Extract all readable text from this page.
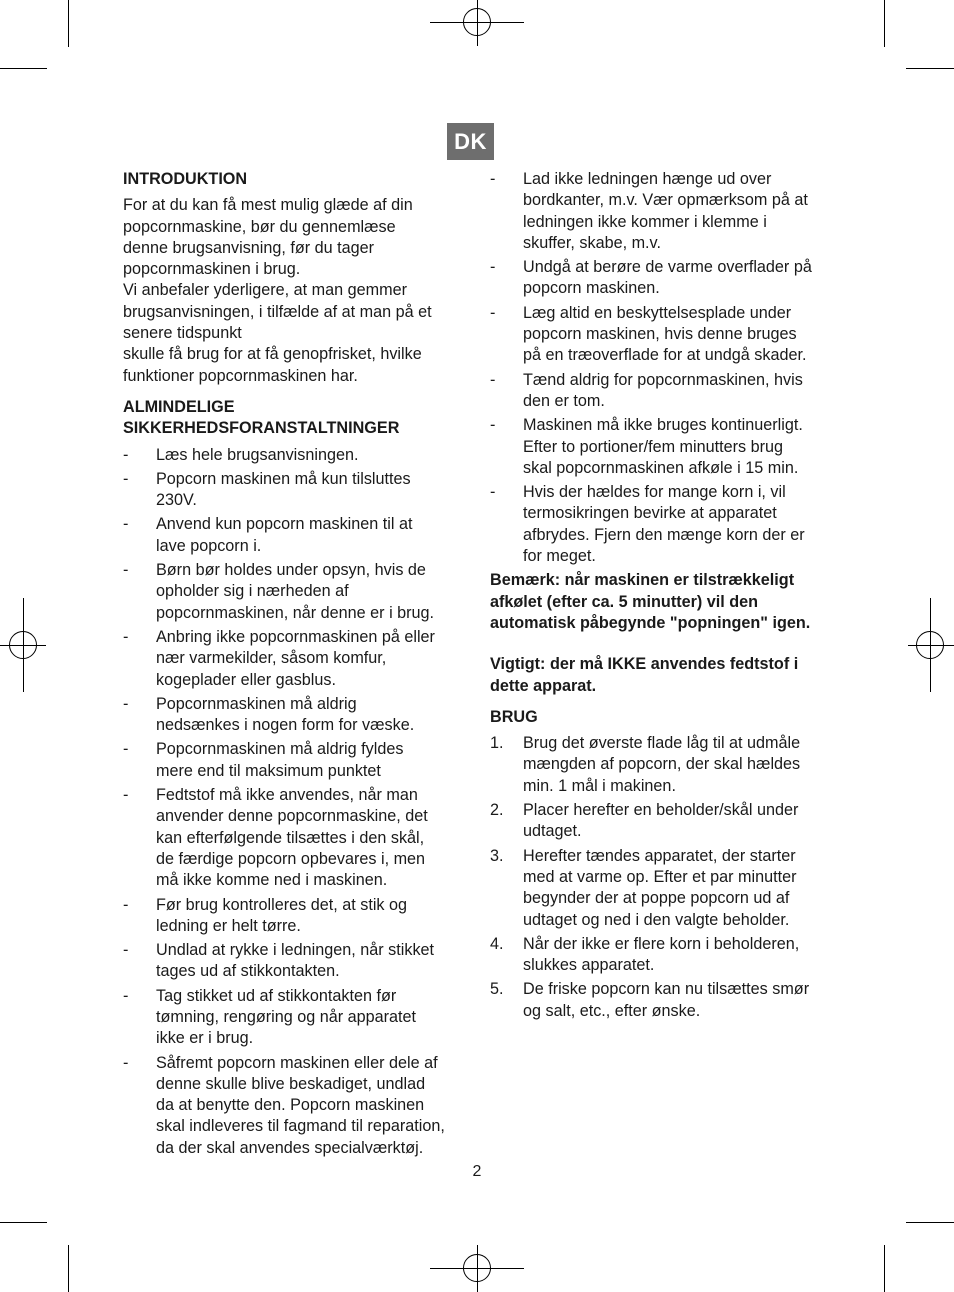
DK
INTRODUKTION
For at du kan få mest mulig glæde af din
popcornmaskine, bør du gennemlæse
denne brugsanvisning, før du tager
popcornmaskinen i brug.
Vi anbefaler yderligere, at man gemmer
brugsanvisningen, i tilfælde af at man på et
senere tidspunkt
skulle få brug for at få genopfrisket, hvilke
funktioner popcornmaskinen har.
ALMINDELIGE
SIKKERHEDSFORANSTALTNINGER
- Læs hele brugsanvisningen.
- Popcorn maskinen må kun tilsluttes
230V.
- Anvend kun popcorn maskinen til at
lave popcorn i.
- Børn bør holdes under opsyn, hvis de
opholder sig i nærheden af
popcornmaskinen, når denne er i brug.
- Anbring ikke popcornmaskinen på eller
nær varmekilder, såsom komfur,
kogeplader eller gasblus.
- Popcornmaskinen må aldrig
nedsænkes i nogen form for væske.
- Popcornmaskinen må aldrig fyldes
mere end til maksimum punktet
- Fedtstof må ikke anvendes, når man
anvender denne popcornmaskine, det
kan efterfølgende tilsættes i den skål,
de færdige popcorn opbevares i, men
må ikke komme ned i maskinen.
- Før brug kontrolleres det, at stik og
ledning er helt tørre.
- Undlad at rykke i ledningen, når stikket
tages ud af stikkontakten.
- Tag stikket ud af stikkontakten før
tømning, rengøring og når apparatet
ikke er i brug.
- Såfremt popcorn maskinen eller dele af
denne skulle blive beskadiget, undlad
da at benytte den. Popcorn maskinen
skal indleveres til fagmand til reparation,
da der skal anvendes specialværktøj.
- Lad ikke ledningen hænge ud over
bordkanter, m.v. Vær opmærksom på at
ledningen ikke kommer i klemme i
skuffer, skabe, m.v.
- Undgå at berøre de varme overflader på
popcorn maskinen.
- Læg altid en beskyttelsesplade under
popcorn maskinen, hvis denne bruges
på en træoverflade for at undgå skader.
- Tænd aldrig for popcornmaskinen, hvis
den er tom.
- Maskinen må ikke bruges kontinuerligt.
Efter to portioner/fem minutters brug
skal popcornmaskinen afkøle i 15 min.
- Hvis der hældes for mange korn i, vil
termosikringen bevirke at apparatet
afbrydes. Fjern den mænge korn der er
for meget.

Bemærk: når maskinen er tilstrækkeligt
afkølet (efter ca. 5 minutter) vil den
automatisk påbegynde "popningen" igen.

Vigtigt: der må IKKE anvendes fedtstof i
dette apparat.

BRUG
1. Brug det øverste flade låg til at udmåle
mængden af popcorn, der skal hældes
min. 1 mål i makinen.
2. Placer herefter en beholder/skål under
udtaget.
3. Herefter tændes apparatet, der starter
med at varme op. Efter et par minutter
begynder der at poppe popcorn ud af
udtaget og ned i den valgte beholder.
4. Når der ikke er flere korn i beholderen,
slukkes apparatet.
5. De friske popcorn kan nu tilsættes smør
og salt, etc., efter ønske.
2
